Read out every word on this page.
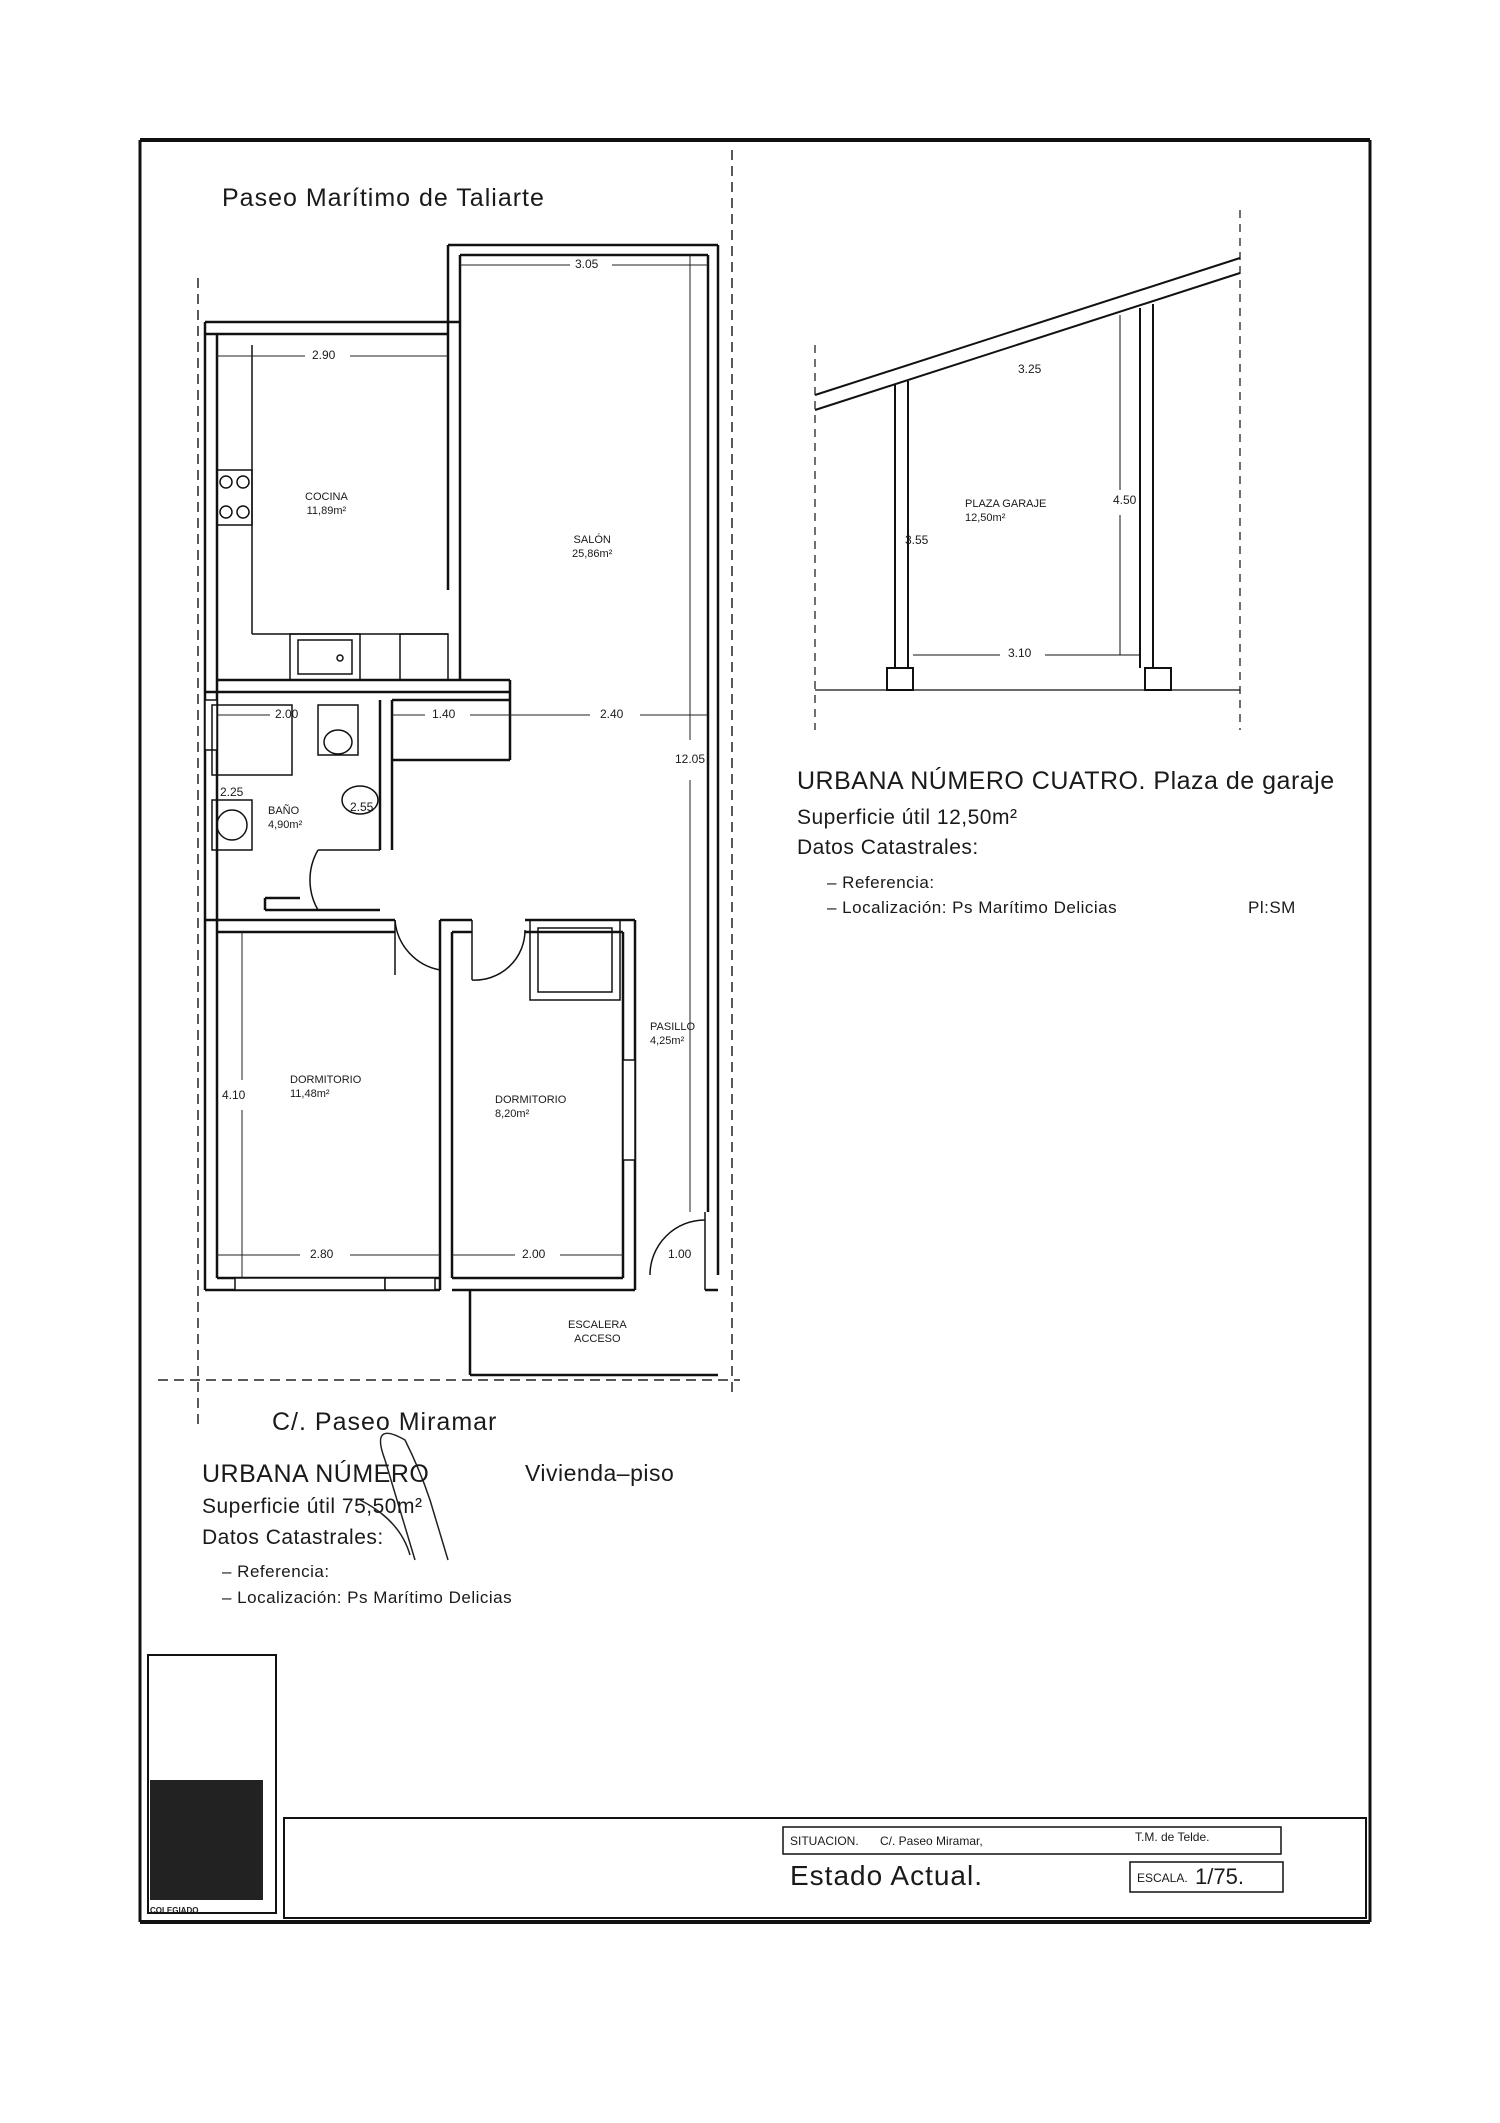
Paseo Marítimo de Taliarte
C/. Paseo Miramar
COCINA
11,89m²
SALÓN
25,86m²
BAÑO
4,90m²
DORMITORIO
11,48m²	DORMITORIO
8,20m²
PASILLO
4,25m²
ESCALERA
ACCESO
3.05
2.90
2.00	1.40	2.40
12.05
2.25
2.55
4.10
2.80	2.00	1.00
PLAZA GARAJE
12,50m²
3.25
4.50
3.55
3.10
URBANA NÚMERO CUATRO. Plaza de garaje
Superficie útil 12,50m²
Datos Catastrales:
– Referencia:
– Localización: Ps Marítimo Delicias	Pl:SM
URBANA NÚMERO	Vivienda–piso
Superficie útil 75,50m²
Datos Catastrales:
– Referencia:
– Localización: Ps Marítimo Delicias
SITUACION. C/. Paseo Miramar,	T.M. de Telde.
Estado Actual.	ESCALA. 1/75.
COLEGIADO
